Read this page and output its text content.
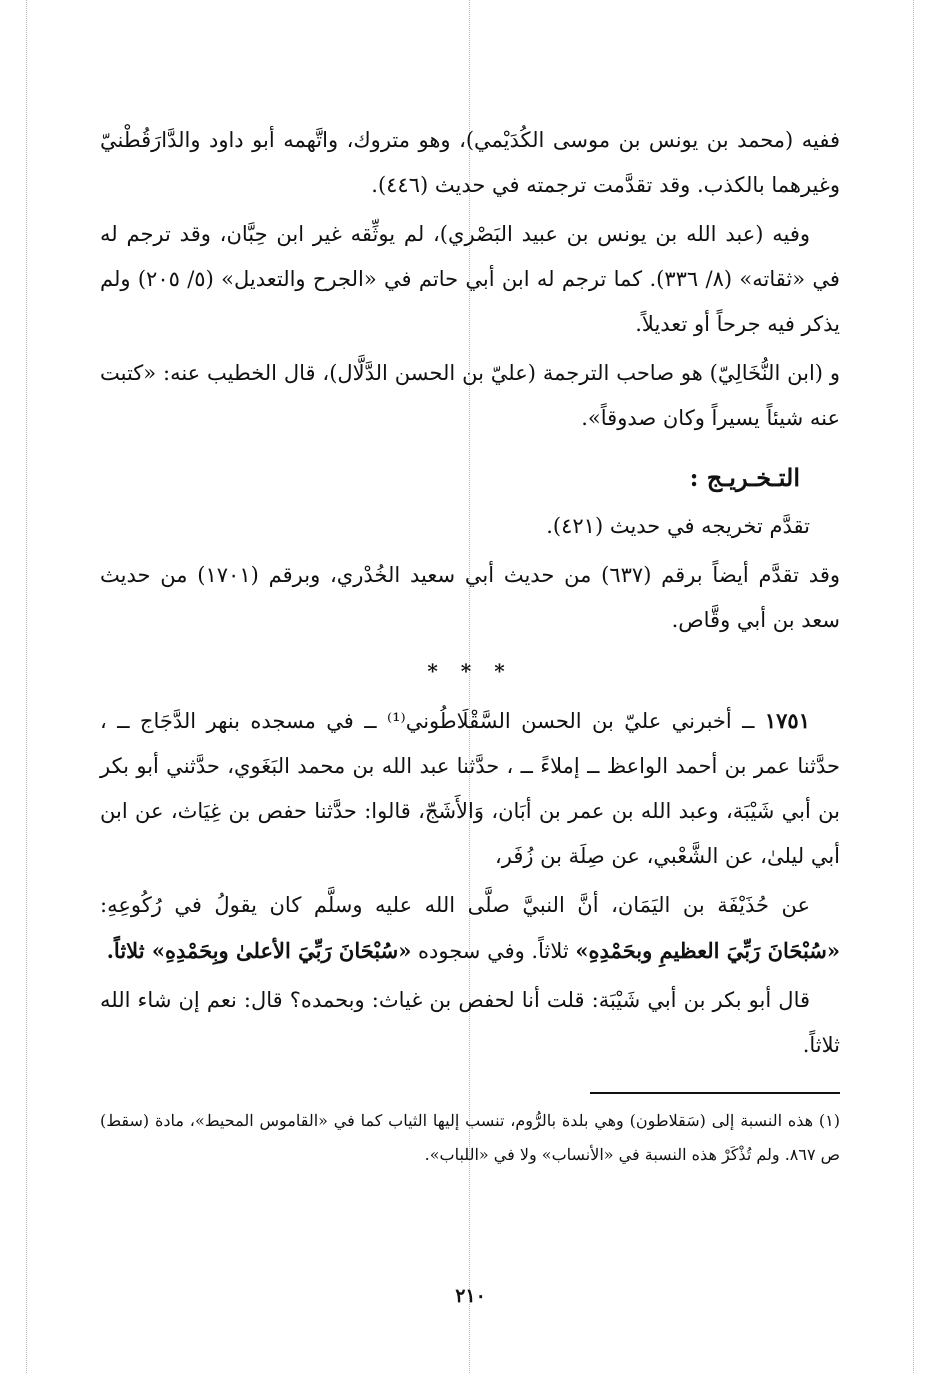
ففيه (محمد بن يونس بن موسى الكُدَيْمي)، وهو متروك، واتَّهمه أبو داود والدَّارَقُطْنيّ وغيرهما بالكذب. وقد تقدَّمت ترجمته في حديث (٤٤٦).

وفيه (عبد الله بن يونس بن عبيد البَصْري)، لم يوثِّقه غير ابن حِبَّان، وقد ترجم له في «ثقاته» (٨/ ٣٣٦). كما ترجم له ابن أبي حاتم في «الجرح والتعديل» (٥/ ٢٠٥) ولم يذكر فيه جرحاً أو تعديلاً.

و (ابن النُّخَالِيّ) هو صاحب الترجمة (عليّ بن الحسن الدَّلَّال)، قال الخطيب عنه: «كتبت عنه شيئاً يسيراً وكان صدوقاً».

التـخـريـج :

تقدَّم تخريجه في حديث (٤٢١).

وقد تقدَّم أيضاً برقم (٦٣٧) من حديث أبي سعيد الخُدْري، وبرقم (١٧٠١) من حديث سعد بن أبي وقَّاص.

* * *

١٧٥١ ــ أخبرني عليّ بن الحسن السَّقْلَاطُوني⁽¹⁾ ــ في مسجده بنهر الدَّجَاج ــ ، حدَّثنا عمر بن أحمد الواعظ ــ إملاءً ــ ، حدَّثنا عبد الله بن محمد البَغَوي، حدَّثني أبو بكر بن أبي شَيْبَة، وعبد الله بن عمر بن أبَان، وَالأَشَجّ، قالوا: حدَّثنا حفص بن غِيَاث، عن ابن أبي ليلىٰ، عن الشَّعْبي، عن صِلَة بن زُفَر،

عن حُذَيْفَة بن اليَمَان، أنَّ النبيَّ صلَّى الله عليه وسلَّم كان يقولُ في رُكُوعِهِ: «سُبْحَانَ رَبِّيَ العظيمِ وبحَمْدِهِ» ثلاثاً. وفي سجوده «سُبْحَانَ رَبِّيَ الأعلىٰ وبِحَمْدِهِ» ثلاثاً.

قال أبو بكر بن أبي شَيْبَة: قلت أنا لحفص بن غياث: وبحمده؟ قال: نعم إن شاء الله ثلاثاً.

(١) هذه النسبة إلى (سَقلاطون) وهي بلدة بالرُّوم، تنسب إليها الثياب كما في «القاموس المحيط»، مادة (سقط) ص ٨٦٧. ولم تُذْكَرْ هذه النسبة في «الأنساب» ولا في «اللباب».

٢١٠
